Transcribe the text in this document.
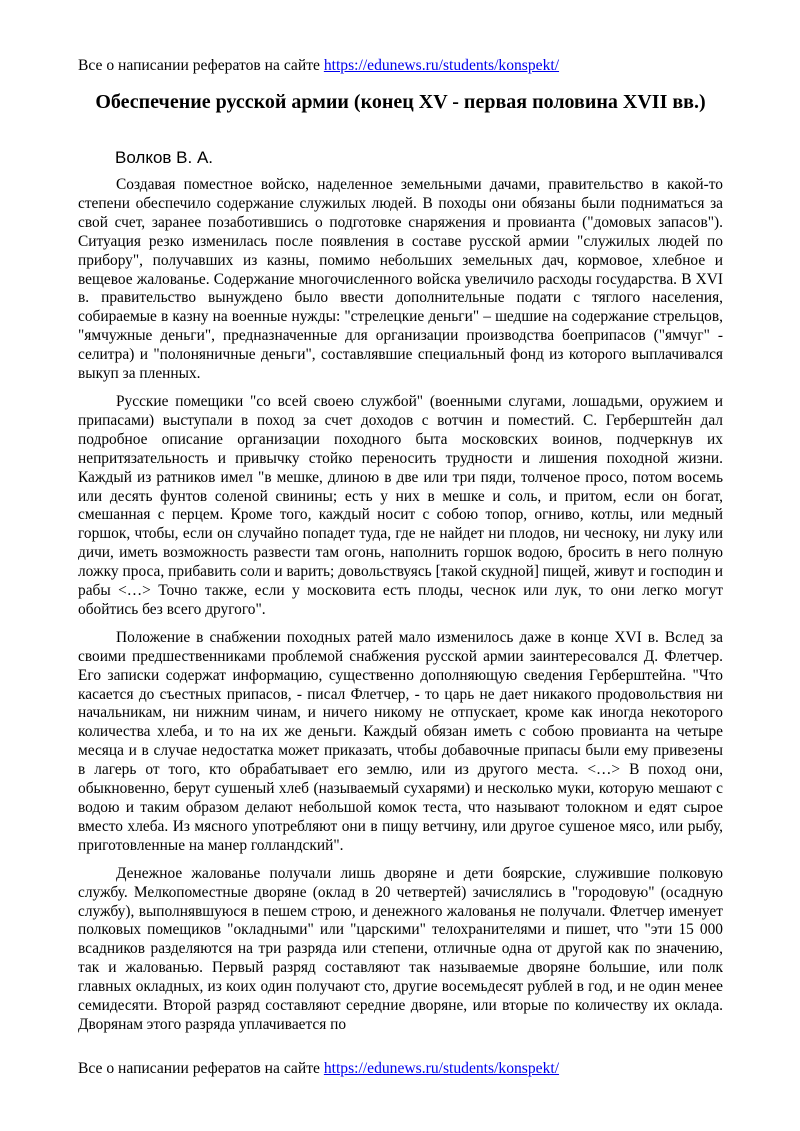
Все о написании рефератов на сайте https://edunews.ru/students/konspekt/
Обеспечение русской армии (конец XV - первая половина XVII вв.)
Волков В. А.

Создавая поместное войско, наделенное земельными дачами, правительство в какой-то степени обеспечило содержание служилых людей. В походы они обязаны были подниматься за свой счет, заранее позаботившись о подготовке снаряжения и провианта ("домовых запасов"). Ситуация резко изменилась после появления в составе русской армии "служилых людей по прибору", получавших из казны, помимо небольших земельных дач, кормовое, хлебное и вещевое жалованье. Содержание многочисленного войска увеличило расходы государства. В XVI в. правительство вынуждено было ввести дополнительные подати с тяглого населения, собираемые в казну на военные нужды: "стрелецкие деньги" – шедшие на содержание стрельцов, "ямчужные деньги", предназначенные для организации производства боеприпасов ("ямчуг" - селитра) и "полоняничные деньги", составлявшие специальный фонд из которого выплачивался выкуп за пленных.

Русские помещики "со всей своею службой" (военными слугами, лошадьми, оружием и припасами) выступали в поход за счет доходов с вотчин и поместий. С. Герберштейн дал подробное описание организации походного быта московских воинов, подчеркнув их непритязательность и привычку стойко переносить трудности и лишения походной жизни. Каждый из ратников имел "в мешке, длиною в две или три пяди, толченое просо, потом восемь или десять фунтов соленой свинины; есть у них в мешке и соль, и притом, если он богат, смешанная с перцем. Кроме того, каждый носит с собою топор, огниво, котлы, или медный горшок, чтобы, если он случайно попадет туда, где не найдет ни плодов, ни чесноку, ни луку или дичи, иметь возможность развести там огонь, наполнить горшок водою, бросить в него полную ложку проса, прибавить соли и варить; довольствуясь [такой скудной] пищей, живут и господин и рабы <…> Точно также, если у московита есть плоды, чеснок или лук, то они легко могут обойтись без всего другого".

Положение в снабжении походных ратей мало изменилось даже в конце XVI в. Вслед за своими предшественниками проблемой снабжения русской армии заинтересовался Д. Флетчер. Его записки содержат информацию, существенно дополняющую сведения Герберштейна. "Что касается до съестных припасов, - писал Флетчер, - то царь не дает никакого продовольствия ни начальникам, ни нижним чинам, и ничего никому не отпускает, кроме как иногда некоторого количества хлеба, и то на их же деньги. Каждый обязан иметь с собою провианта на четыре месяца и в случае недостатка может приказать, чтобы добавочные припасы были ему привезены в лагерь от того, кто обрабатывает его землю, или из другого места. <…> В поход они, обыкновенно, берут сушеный хлеб (называемый сухарями) и несколько муки, которую мешают с водою и таким образом делают небольшой комок теста, что называют толокном и едят сырое вместо хлеба. Из мясного употребляют они в пищу ветчину, или другое сушеное мясо, или рыбу, приготовленные на манер голландский".

Денежное жалованье получали лишь дворяне и дети боярские, служившие полковую службу. Мелкопоместные дворяне (оклад в 20 четвертей) зачислялись в "городовую" (осадную службу), выполнявшуюся в пешем строю, и денежного жалованья не получали. Флетчер именует полковых помещиков "окладными" или "царскими" телохранителями и пишет, что "эти 15 000 всадников разделяются на три разряда или степени, отличные одна от другой как по значению, так и жалованью. Первый разряд составляют так называемые дворяне большие, или полк главных окладных, из коих один получают сто, другие восемьдесят рублей в год, и не один менее семидесяти. Второй разряд составляют середние дворяне, или вторые по количеству их оклада. Дворянам этого разряда уплачивается по

Все о написании рефератов на сайте https://edunews.ru/students/konspekt/
